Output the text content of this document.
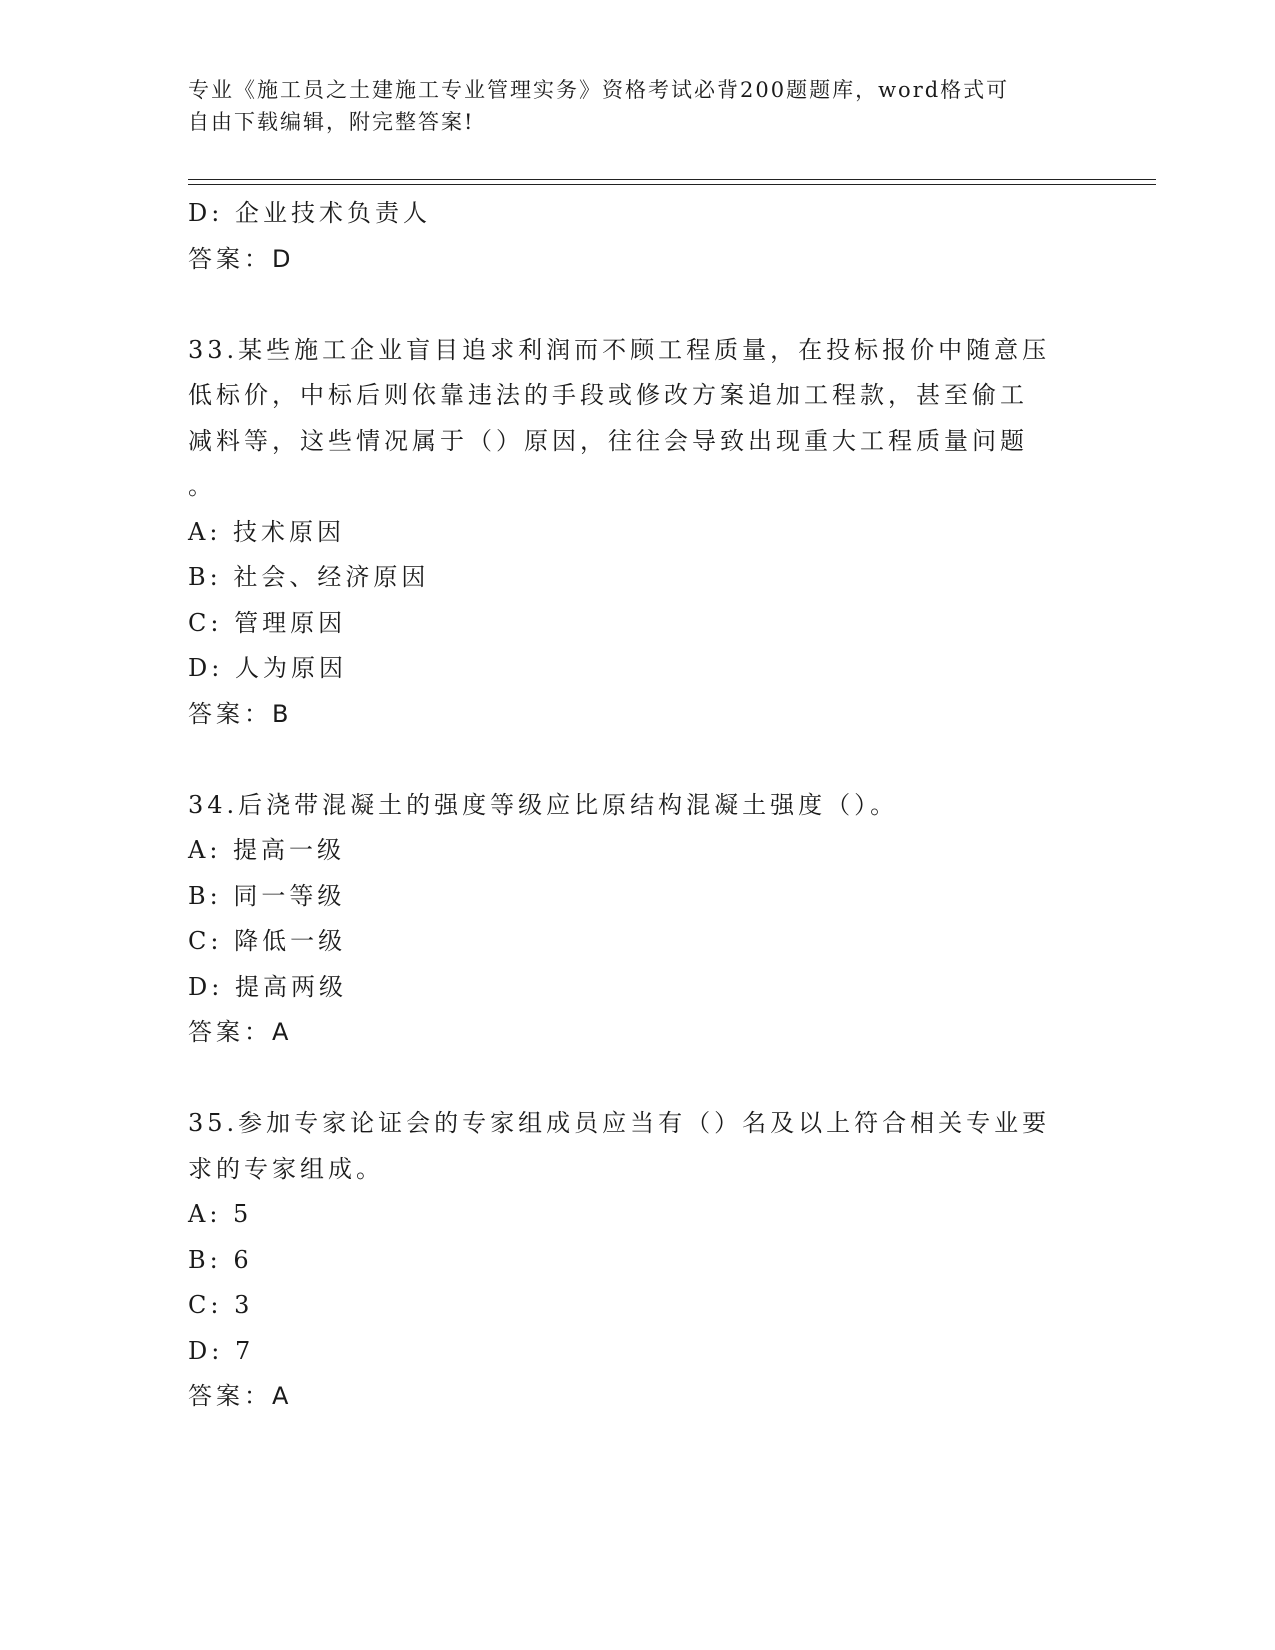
专业《施工员之土建施工专业管理实务》资格考试必背200题题库，word格式可
自由下载编辑，附完整答案!
D: 企业技术负责人
答案：D
33.某些施工企业盲目追求利润而不顾工程质量，在投标报价中随意压
低标价，中标后则依靠违法的手段或修改方案追加工程款，甚至偷工
减料等，这些情况属于（）原因，往往会导致出现重大工程质量问题
。
A: 技术原因
B: 社会、经济原因
C: 管理原因
D: 人为原因
答案：B
34.后浇带混凝土的强度等级应比原结构混凝土强度（）。
A: 提高一级
B: 同一等级
C: 降低一级
D: 提高两级
答案：A
35.参加专家论证会的专家组成员应当有（）名及以上符合相关专业要
求的专家组成。
A: 5
B: 6
C: 3
D: 7
答案：A
